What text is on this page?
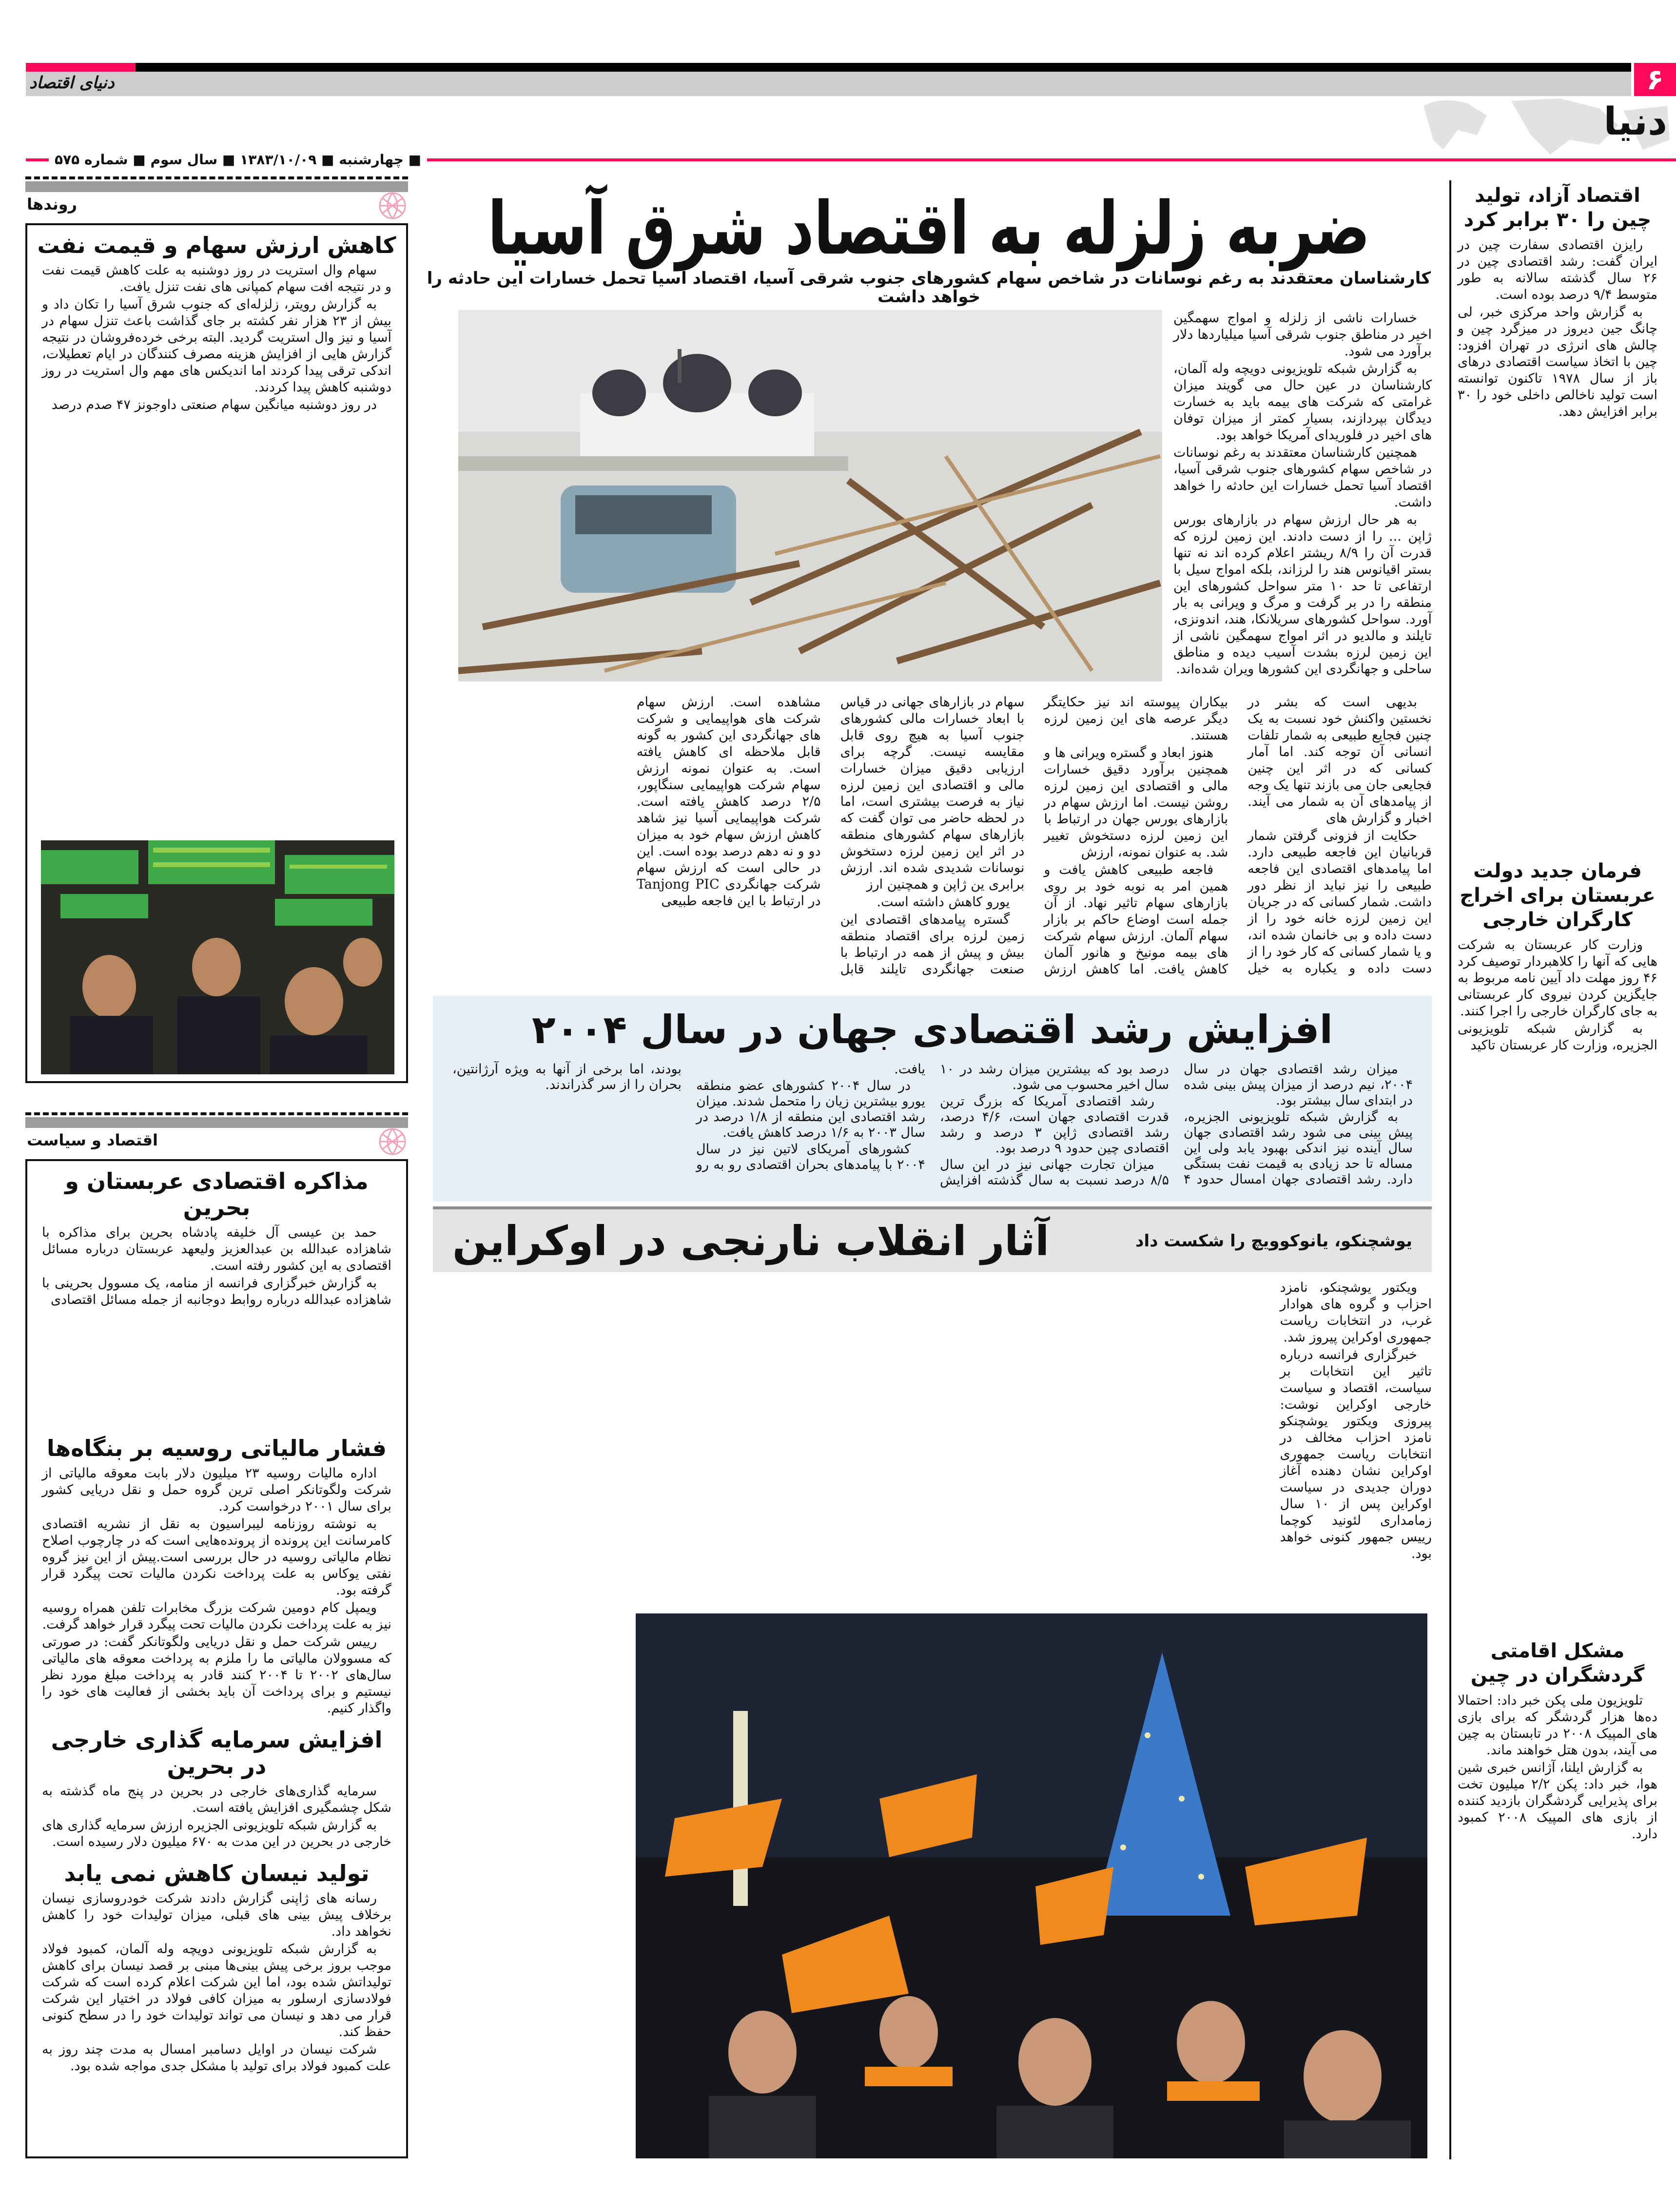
دنیای اقتصاد	۶
دنیا
■ چهارشنبه ■ ۱۳۸۳/۱۰/۰۹ ■ سال سوم ■ شماره ۵۷۵
روندها
کاهش ارزش سهام و قیمت نفت

سهام وال استریت در روز دوشنبه به علت کاهش قیمت نفت و در نتیجه افت سهام کمپانی های نفت تنزل یافت.

به گزارش رویتر، زلزله‌ای که جنوب شرق آسیا را تکان داد و بیش از ۲۳ هزار نفر کشته بر جای گذاشت باعث تنزل سهام در آسیا و نیز وال استریت گردید. البته برخی خرده‌فروشان در نتیجه گزارش هایی از افزایش هزینه مصرف کنندگان در ایام تعطیلات، اندکی ترقی پیدا کردند اما اندیکس های مهم وال استریت در روز دوشنبه کاهش پیدا کردند.

در روز دوشنبه میانگین سهام صنعتی داوجونز ۴۷ صدم درصد

اقتصاد و سیاست
مذاکره اقتصادی عربستان و بحرین

حمد بن عیسی آل خلیفه پادشاه بحرین برای مذاکره با شاهزاده عبدالله بن عبدالعزیز ولیعهد عربستان درباره مسائل اقتصادی به این کشور رفته است.

به گزارش خبرگزاری فرانسه از منامه، یک مسوول بحرینی با شاهزاده عبدالله درباره روابط دوجانبه از جمله مسائل اقتصادی

فشار مالیاتی روسیه بر بنگاه‌ها

اداره مالیات روسیه ۲۳ میلیون دلار بابت معوقه مالیاتی از شرکت ولگوتانکر اصلی ترین گروه حمل و نقل دریایی کشور برای سال ۲۰۰۱ درخواست کرد.

به نوشته روزنامه لیبراسیون به نقل از نشریه اقتصادی کامرسانت این پرونده از پرونده‌هایی است که در چارچوب اصلاح نظام مالیاتی روسیه در حال بررسی است.پیش از این نیز گروه نفتی یوکاس به علت پرداخت نکردن مالیات تحت پیگرد قرار گرفته بود.

ویمپل کام دومین شرکت بزرگ مخابرات تلفن همراه روسیه نیز به علت پرداخت نکردن مالیات تحت پیگرد قرار خواهد گرفت.

رییس شرکت حمل و نقل دریایی ولگوتانکر گفت: در صورتی که مسوولان مالیاتی ما را ملزم به پرداخت معوقه های مالیاتی سال‌های ۲۰۰۲ تا ۲۰۰۴ کنند قادر به پرداخت مبلغ مورد نظر نیستیم و برای پرداخت آن باید بخشی از فعالیت های خود را واگذار کنیم.

افزایش سرمایه گذاری خارجی در بحرین

سرمایه گذاری‌های خارجی در بحرین در پنج ماه گذشته به شکل چشمگیری افزایش یافته است.

به گزارش شبکه تلویزیونی الجزیره ارزش سرمایه گذاری های خارجی در بحرین در این مدت به ۶۷۰ میلیون دلار رسیده است.

تولید نیسان کاهش نمی یابد

رسانه های ژاپنی گزارش دادند شرکت خودروسازی نیسان برخلاف پیش بینی های قبلی، میزان تولیدات خود را کاهش نخواهد داد.

به گزارش شبکه تلویزیونی دویچه وله آلمان، کمبود فولاد موجب بروز برخی پیش بینی‌ها مبنی بر قصد نیسان برای کاهش تولیداتش شده بود، اما این شرکت اعلام کرده است که شرکت فولادسازی ارسلور به میزان کافی فولاد در اختیار این شرکت قرار می دهد و نیسان می تواند تولیدات خود را در سطح کنونی حفظ کند.

شرکت نیسان در اوایل دسامبر امسال به مدت چند روز به علت کمبود فولاد برای تولید با مشکل جدی مواجه شده بود.

ضربه زلزله به اقتصاد شرق آسیا
کارشناسان معتقدند به رغم نوسانات در شاخص سهام کشورهای جنوب شرقی آسیا، اقتصاد آسیا تحمل خسارات این حادثه را خواهد داشت

خسارات ناشی از زلزله و امواج سهمگین اخیر در مناطق جنوب شرقی آسیا میلیاردها دلار برآورد می شود.

به گزارش شبکه تلویزیونی دویچه وله آلمان، کارشناسان در عین حال می گویند میزان غرامتی که شرکت های بیمه باید به خسارت دیدگان بپردازند، بسیار کمتر از میزان توفان های اخیر در فلوریدای آمریکا خواهد بود.

همچنین کارشناسان معتقدند به رغم نوسانات در شاخص سهام کشورهای جنوب شرقی آسیا، اقتصاد آسیا تحمل خسارات این حادثه را خواهد داشت.

به هر حال ارزش سهام در بازارهای بورس ژاپن ... را از دست دادند. این زمین لرزه که قدرت آن را ۸/۹ ریشتر اعلام کرده اند نه تنها بستر اقیانوس هند را لرزاند، بلکه امواج سیل با ارتفاعی تا حد ۱۰ متر سواحل کشورهای این منطقه را در بر گرفت و مرگ و ویرانی به بار آورد. سواحل کشورهای سریلانکا، هند، اندونزی، تایلند و مالدیو در اثر امواج سهمگین ناشی از این زمین لرزه بشدت آسیب دیده و مناطق ساحلی و جهانگردی این کشورها ویران شده‌اند.

بدیهی است که بشر در نخستین واکنش خود نسبت به یک چنین فجایع طبیعی به شمار تلفات انسانی آن توجه کند. اما آمار کسانی که در اثر این چنین فجایعی جان می بازند تنها یک وجه از پیامدهای آن به شمار می آیند. اخبار و گزارش های

حکایت از فزونی گرفتن شمار قربانیان این فاجعه طبیعی دارد. اما پیامدهای اقتصادی این فاجعه طبیعی را نیز نباید از نظر دور داشت. شمار کسانی که در جریان این زمین لرزه خانه خود را از دست داده و بی خانمان شده اند، و یا شمار کسانی که کار خود را از دست داده و یکباره به خیل بیکاران پیوسته اند نیز حکایتگر دیگر عرصه های این زمین لرزه هستند.

هنوز ابعاد و گستره ویرانی ها و همچنین برآورد دقیق خسارات مالی و اقتصادی این زمین لرزه روشن نیست. اما ارزش سهام در بازارهای بورس جهان در ارتباط با این زمین لرزه دستخوش تغییر شد. به عنوان نمونه، ارزش

فاجعه طبیعی کاهش یافت و همین امر به نوبه خود بر روی بازارهای سهام تاثیر نهاد. از آن جمله است اوضاع حاکم بر بازار سهام آلمان. ارزش سهام شرکت های بیمه مونیخ و هانور آلمان کاهش یافت. اما کاهش ارزش سهام در بازارهای جهانی در قیاس با ابعاد خسارات مالی کشورهای جنوب آسیا به هیچ روی قابل مقایسه نیست. گرچه برای ارزیابی دقیق میزان خسارات مالی و اقتصادی این زمین لرزه نیاز به فرصت بیشتری است، اما در لحظه حاضر می توان گفت که بازارهای سهام کشورهای منطقه در اثر این زمین لرزه دستخوش نوسانات شدیدی شده اند. ارزش برابری ین ژاپن و همچنین ارز

یورو کاهش داشته است.

گستره پیامدهای اقتصادی این زمین لرزه برای اقتصاد منطقه بیش و پیش از همه در ارتباط با صنعت جهانگردی تایلند قابل مشاهده است. ارزش سهام شرکت های هواپیمایی و شرکت های جهانگردی این کشور به گونه قابل ملاحظه ای کاهش یافته است. به عنوان نمونه ارزش سهام شرکت هواپیمایی سنگاپور، ۲/۵ درصد کاهش یافته است. شرکت هواپیمایی آسیا نیز شاهد کاهش ارزش سهام خود به میزان دو و نه دهم درصد بوده است. این در حالی است که ارزش سهام شرکت جهانگردی Tanjong PIC در ارتباط با این فاجعه طبیعی

افزایش رشد اقتصادی جهان در سال ۲۰۰۴

میزان رشد اقتصادی جهان در سال ۲۰۰۴، نیم درصد از میزان پیش بینی شده در ابتدای سال بیشتر بود.

به گزارش شبکه تلویزیونی الجزیره، پیش بینی می شود رشد اقتصادی جهان سال آینده نیز اندکی بهبود یابد ولی این مساله تا حد زیادی به قیمت نفت بستگی دارد. رشد اقتصادی جهان امسال حدود ۴ درصد بود که بیشترین میزان رشد در ۱۰ سال اخیر محسوب می شود.

رشد اقتصادی آمریکا که بزرگ ترین قدرت اقتصادی جهان است، ۴/۶ درصد، رشد اقتصادی ژاپن ۳ درصد و رشد اقتصادی چین حدود ۹ درصد بود.

میزان تجارت جهانی نیز در این سال ۸/۵ درصد نسبت به سال گذشته افزایش یافت.

در سال ۲۰۰۴ کشورهای عضو منطقه یورو بیشترین زیان را متحمل شدند. میزان رشد اقتصادی این منطقه از ۱/۸ درصد در سال ۲۰۰۳ به ۱/۶ درصد کاهش یافت.

کشورهای آمریکای لاتین نیز در سال ۲۰۰۴ با پیامدهای بحران اقتصادی رو به رو بودند، اما برخی از آنها به ویژه آرژانتین، بحران را از سر گذراندند.

یوشچنکو، یانوکوویچ را شکست داد
آثار انقلاب نارنجی در اوکراین

ویکتور یوشچنکو، نامزد احزاب و گروه های هوادار غرب، در انتخابات ریاست جمهوری اوکراین پیروز شد.

خبرگزاری فرانسه درباره تاثیر این انتخابات بر سیاست، اقتصاد و سیاست خارجی اوکراین نوشت: پیروزی ویکتور یوشچنکو نامزد احزاب مخالف در انتخابات ریاست جمهوری اوکراین نشان دهنده آغاز دوران جدیدی در سیاست اوکراین پس از ۱۰ سال زمامداری لئونید کوچما رییس جمهور کنونی خواهد بود.

اقتصاد آزاد، تولید چین را ۳۰ برابر کرد

رایزن اقتصادی سفارت چین در ایران گفت: رشد اقتصادی چین در ۲۶ سال گذشته سالانه به طور متوسط ۹/۴ درصد بوده است.

به گزارش واحد مرکزی خبر، لی چانگ جین دیروز در میزگرد چین و چالش های انرژی در تهران افزود: چین با اتخاذ سیاست اقتصادی درهای باز از سال ۱۹۷۸ تاکنون توانسته است تولید ناخالص داخلی خود را ۳۰ برابر افزایش دهد.

فرمان جدید دولت عربستان برای اخراج کارگران خارجی

وزارت کار عربستان به شرکت هایی که آنها را کلاهبردار توصیف کرد ۴۶ روز مهلت داد آیین نامه مربوط به جایگزین کردن نیروی کار عربستانی به جای کارگران خارجی را اجرا کنند.

به گزارش شبکه تلویزیونی الجزیره، وزارت کار عربستان تاکید

مشکل اقامتی گردشگران در چین

تلویزیون ملی پکن خبر داد: احتمالا ده‌ها هزار گردشگر که برای بازی های المپیک ۲۰۰۸ در تابستان به چین می آیند، بدون هتل خواهند ماند.

به گزارش ایلنا، آژانس خبری شین هوا، خبر داد: پکن ۲/۲ میلیون تخت برای پذیرایی گردشگران بازدید کننده از بازی های المپیک ۲۰۰۸ کمبود دارد.
